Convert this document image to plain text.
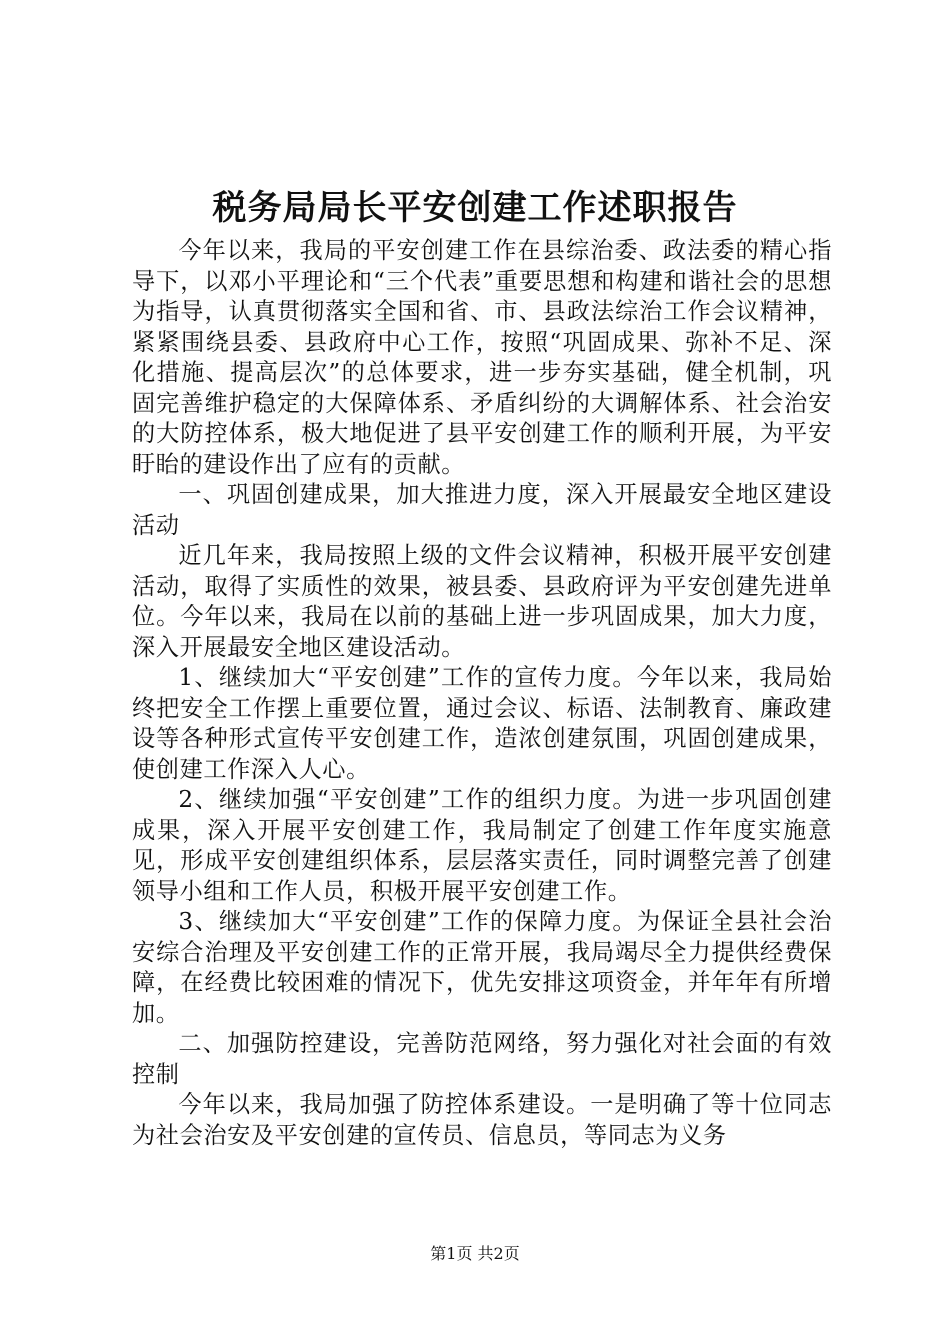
税务局局长平安创建工作述职报告

今年以来，我局的平安创建工作在县综治委、政法委的精心指导下，以邓小平理论和“三个代表”重要思想和构建和谐社会的思想为指导，认真贯彻落实全国和省、市、县政法综治工作会议精神，紧紧围绕县委、县政府中心工作，按照“巩固成果、弥补不足、深化措施、提高层次”的总体要求，进一步夯实基础，健全机制，巩固完善维护稳定的大保障体系、矛盾纠纷的大调解体系、社会治安的大防控体系，极大地促进了县平安创建工作的顺利开展，为平安盱眙的建设作出了应有的贡献。

一、巩固创建成果，加大推进力度，深入开展最安全地区建设活动

近几年来，我局按照上级的文件会议精神，积极开展平安创建活动，取得了实质性的效果，被县委、县政府评为平安创建先进单位。今年以来，我局在以前的基础上进一步巩固成果，加大力度，深入开展最安全地区建设活动。

1、继续加大“平安创建”工作的宣传力度。今年以来，我局始终把安全工作摆上重要位置，通过会议、标语、法制教育、廉政建设等各种形式宣传平安创建工作，造浓创建氛围，巩固创建成果，使创建工作深入人心。

2、继续加强“平安创建”工作的组织力度。为进一步巩固创建成果，深入开展平安创建工作，我局制定了创建工作年度实施意见，形成平安创建组织体系，层层落实责任，同时调整完善了创建领导小组和工作人员，积极开展平安创建工作。

3、继续加大“平安创建”工作的保障力度。为保证全县社会治安综合治理及平安创建工作的正常开展，我局竭尽全力提供经费保障，在经费比较困难的情况下，优先安排这项资金，并年年有所增加。

二、加强防控建设，完善防范网络，努力强化对社会面的有效控制

今年以来，我局加强了防控体系建设。一是明确了等十位同志为社会治安及平安创建的宣传员、信息员，等同志为义务

第1页 共2页
